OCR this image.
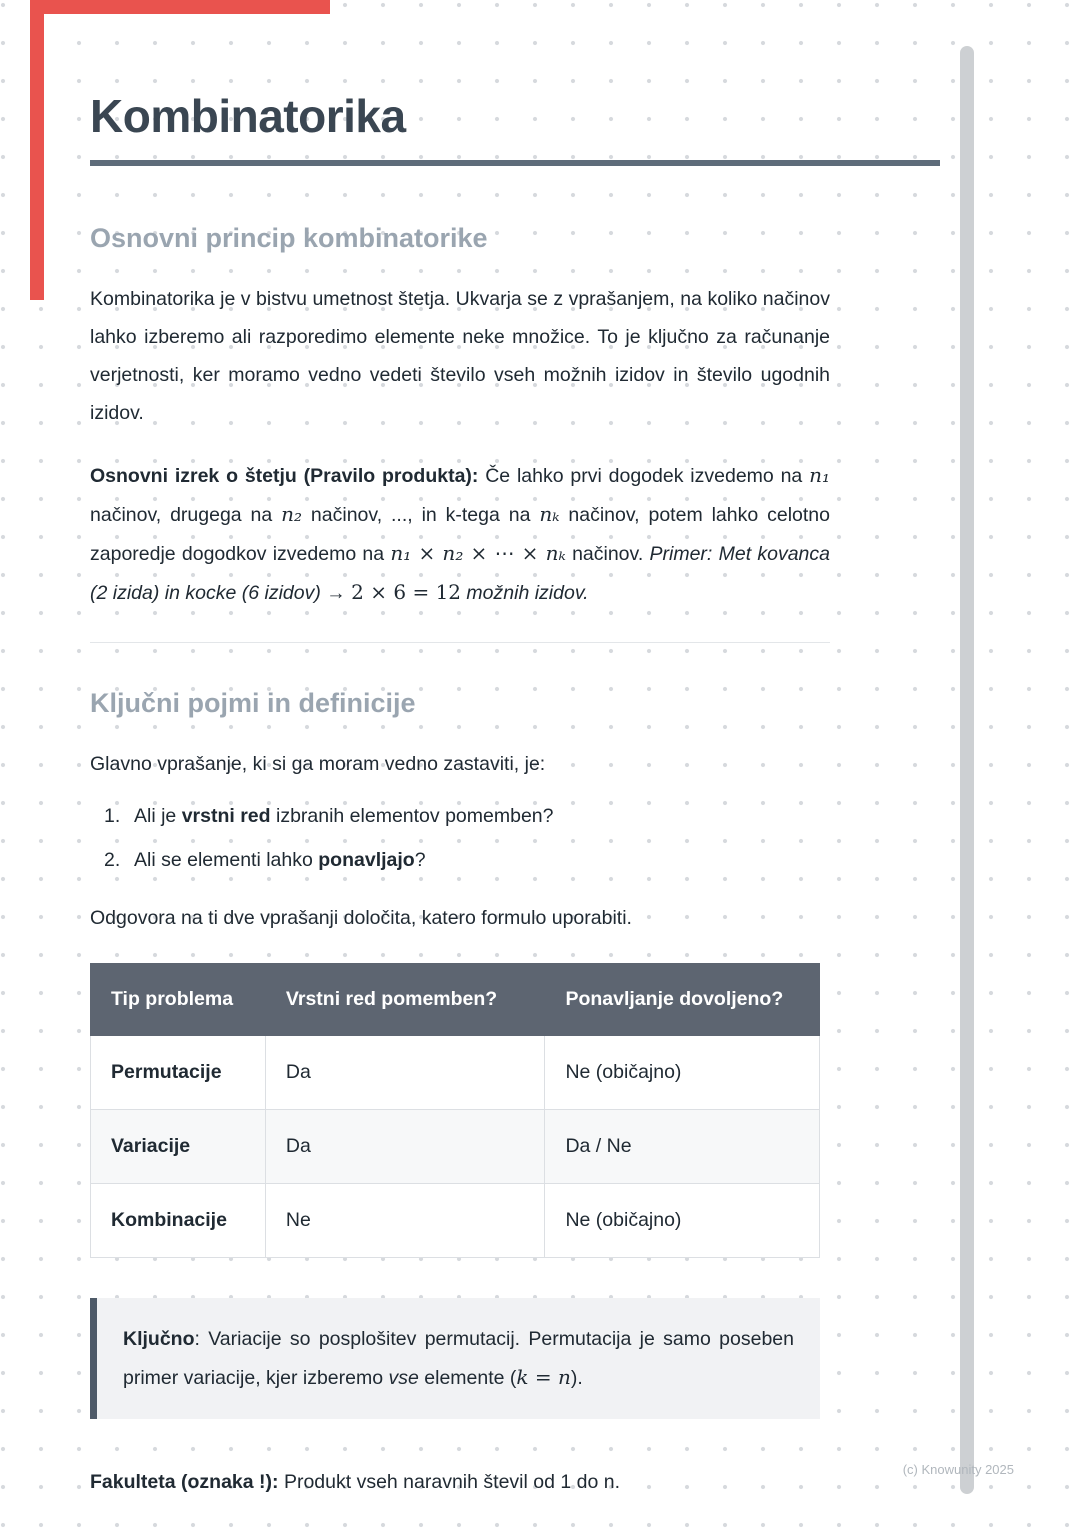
Kombinatorika
Osnovni princip kombinatorike

Kombinatorika je v bistvu umetnost štetja. Ukvarja se z vprašanjem, na koliko načinov lahko izberemo ali razporedimo elemente neke množice. To je ključno za računanje verjetnosti, ker moramo vedno vedeti število vseh možnih izidov in število ugodnih izidov.

Osnovni izrek o štetju (Pravilo produkta): Če lahko prvi dogodek izvedemo na n₁ načinov, drugega na n₂ načinov, ..., in k-tega na nₖ načinov, potem lahko celotno zaporedje dogodkov izvedemo na n₁ × n₂ × ⋯ × nₖ načinov. Primer: Met kovanca (2 izida) in kocke (6 izidov) → 2 × 6 = 12 možnih izidov.

Ključni pojmi in definicije

Glavno vprašanje, ki si ga moram vedno zastaviti, je:

1. Ali je vrstni red izbranih elementov pomemben?
2. Ali se elementi lahko ponavljajo?

Odgovora na ti dve vprašanji določita, katero formulo uporabiti.

Tip problema	Vrstni red pomemben?	Ponavljanje dovoljeno?
Permutacije	Da	Ne (običajno)
Variacije	Da	Da / Ne
Kombinacije	Ne	Ne (običajno)
Ključno: Variacije so posplošitev permutacij. Permutacija je samo poseben primer variacije, kjer izberemo vse elemente (k = n).

Fakulteta (oznaka !): Produkt vseh naravnih števil od 1 do n.

(c) Knowunity 2025
